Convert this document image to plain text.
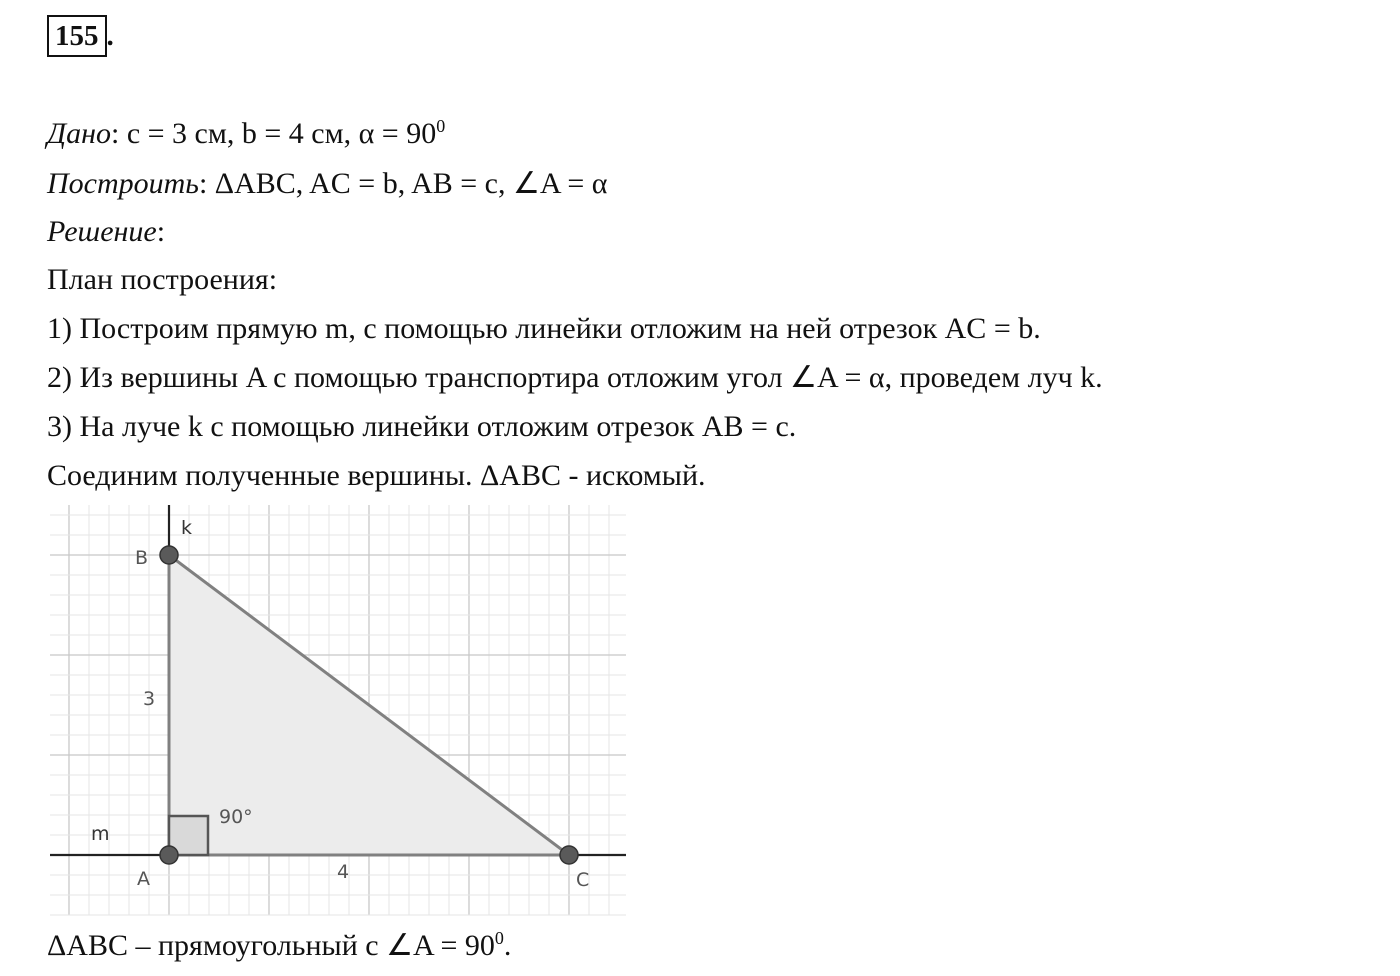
155 .
Дано: c = 3 см, b = 4 см, $\alpha = 90^0$
Построить: ΔABC, AC = b, AB = c, ∠A = α
Решение:
План построения:
1) Построим прямую m, с помощью линейки отложим на ней отрезок AC = b.
2) Из вершины A с помощью транспортира отложим угол ∠A = α, проведем луч k.
3) На луче k с помощью линейки отложим отрезок AB = c.
Соединим полученные вершины. ΔABC - искомый.
k
B
3
90°
m
A	4	C
ΔABC – прямоугольный с ∠A = $90^0$.
